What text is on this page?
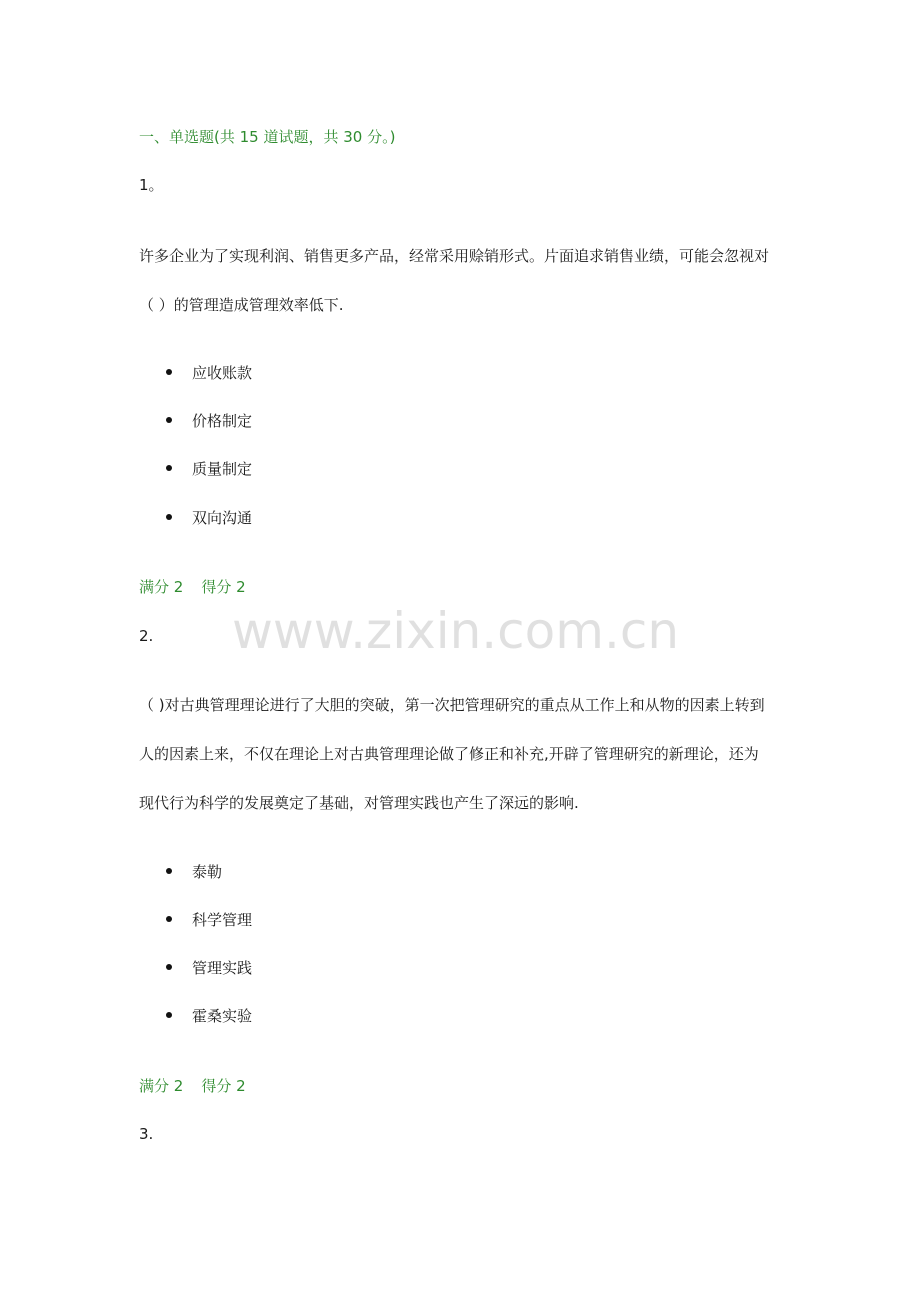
一、单选题(共 15 道试题，共 30 分。)
1。
许多企业为了实现利润、销售更多产品，经常采用赊销形式。片面追求销售业绩，可能会忽视对
（ ）的管理造成管理效率低下.
应收账款
价格制定
质量制定
双向沟通
满分 2 得分 2
2.
（ )对古典管理理论进行了大胆的突破，第一次把管理研究的重点从工作上和从物的因素上转到
人的因素上来，不仅在理论上对古典管理理论做了修正和补充,开辟了管理研究的新理论，还为
现代行为科学的发展奠定了基础，对管理实践也产生了深远的影响.
泰勒
科学管理
管理实践
霍桑实验
满分 2 得分 2
3.
www.zixin.com.cn
